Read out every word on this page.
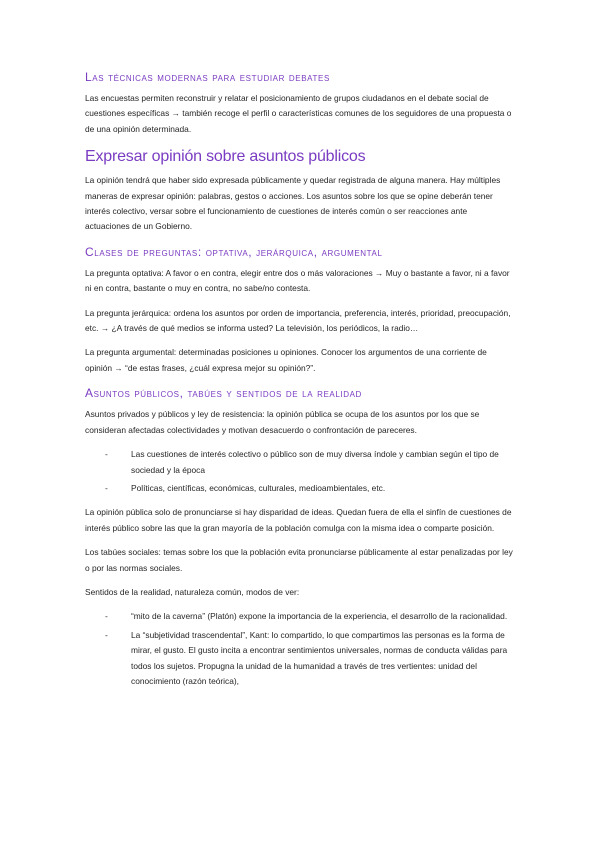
Las técnicas modernas para estudiar debates

Las encuestas permiten reconstruir y relatar el posicionamiento de grupos ciudadanos en el debate social de cuestiones específicas → también recoge el perfil o características comunes de los seguidores de una propuesta o de una opinión determinada.

Expresar opinión sobre asuntos públicos

La opinión tendrá que haber sido expresada públicamente y quedar registrada de alguna manera. Hay múltiples maneras de expresar opinión: palabras, gestos o acciones. Los asuntos sobre los que se opine deberán tener interés colectivo, versar sobre el funcionamiento de cuestiones de interés común o ser reacciones ante actuaciones de un Gobierno.

Clases de preguntas: optativa, jerárquica, argumental

La pregunta optativa: A favor o en contra, elegir entre dos o más valoraciones → Muy o bastante a favor, ni a favor ni en contra, bastante o muy en contra, no sabe/no contesta.

La pregunta jerárquica: ordena los asuntos por orden de importancia, preferencia, interés, prioridad, preocupación, etc. → ¿A través de qué medios se informa usted? La televisión, los periódicos, la radio…

La pregunta argumental: determinadas posiciones u opiniones. Conocer los argumentos de una corriente de opinión → “de estas frases, ¿cuál expresa mejor su opinión?”.

Asuntos públicos, tabúes y sentidos de la realidad

Asuntos privados y públicos y ley de resistencia: la opinión pública se ocupa de los asuntos por los que se consideran afectadas colectividades y motivan desacuerdo o confrontación de pareceres.

-	Las cuestiones de interés colectivo o público son de muy diversa índole y cambian según el tipo de sociedad y la época
-	Políticas, científicas, económicas, culturales, medioambientales, etc.

La opinión pública solo de pronunciarse si hay disparidad de ideas. Quedan fuera de ella el sinfín de cuestiones de interés público sobre las que la gran mayoría de la población comulga con la misma idea o comparte posición.

Los tabúes sociales: temas sobre los que la población evita pronunciarse públicamente al estar penalizadas por ley o por las normas sociales.

Sentidos de la realidad, naturaleza común, modos de ver:

-	“mito de la caverna” (Platón) expone la importancia de la experiencia, el desarrollo de la racionalidad.
-	La “subjetividad trascendental”, Kant: lo compartido, lo que compartimos las personas es la forma de mirar, el gusto. El gusto incita a encontrar sentimientos universales, normas de conducta válidas para todos los sujetos. Propugna la unidad de la humanidad a través de tres vertientes: unidad del conocimiento (razón teórica),
